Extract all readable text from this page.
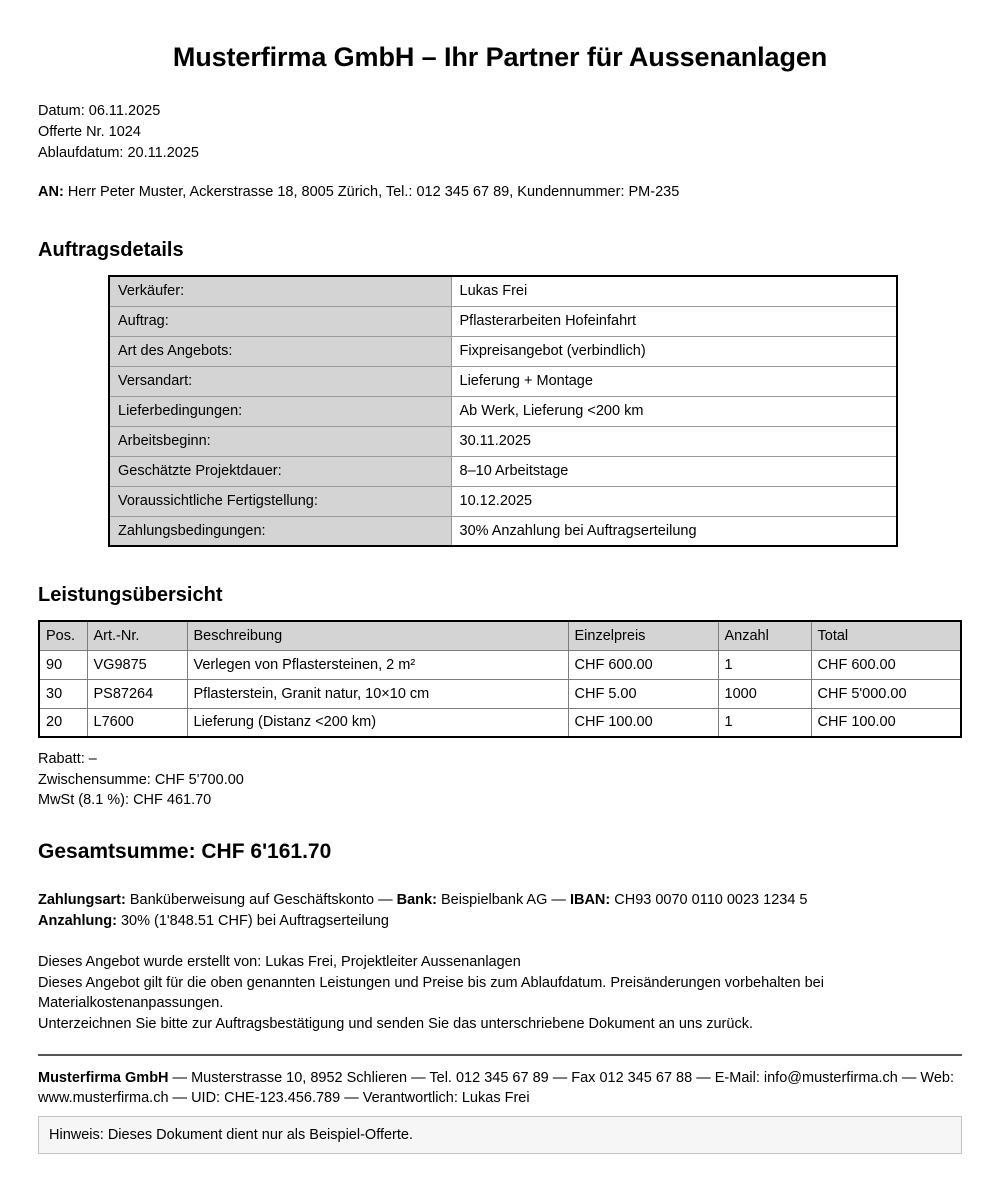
Musterfirma GmbH – Ihr Partner für Aussenanlagen
Datum: 06.11.2025
Offerte Nr. 1024
Ablaufdatum: 20.11.2025
AN: Herr Peter Muster, Ackerstrasse 18, 8005 Zürich, Tel.: 012 345 67 89, Kundennummer: PM-235
Auftragsdetails
Verkäufer:	Lukas Frei
Auftrag:	Pflasterarbeiten Hofeinfahrt
Art des Angebots:	Fixpreisangebot (verbindlich)
Versandart:	Lieferung + Montage
Lieferbedingungen:	Ab Werk, Lieferung <200 km
Arbeitsbeginn:	30.11.2025
Geschätzte Projektdauer:	8–10 Arbeitstage
Voraussichtliche Fertigstellung:	10.12.2025
Zahlungsbedingungen:	30% Anzahlung bei Auftragserteilung
Leistungsübersicht
Pos.	Art.-Nr.	Beschreibung	Einzelpreis	Anzahl	Total
90	VG9875	Verlegen von Pflastersteinen, 2 m²	CHF 600.00	1	CHF 600.00
30	PS87264	Pflasterstein, Granit natur, 10×10 cm	CHF 5.00	1000	CHF 5'000.00
20	L7600	Lieferung (Distanz <200 km)	CHF 100.00	1	CHF 100.00
Rabatt: –
Zwischensumme: CHF 5'700.00
MwSt (8.1 %): CHF 461.70
Gesamtsumme: CHF 6'161.70
Zahlungsart: Banküberweisung auf Geschäftskonto — Bank: Beispielbank AG — IBAN: CH93 0070 0110 0023 1234 5
Anzahlung: 30% (1'848.51 CHF) bei Auftragserteilung
Dieses Angebot wurde erstellt von: Lukas Frei, Projektleiter Aussenanlagen
Dieses Angebot gilt für die oben genannten Leistungen und Preise bis zum Ablaufdatum. Preisänderungen vorbehalten bei Materialkostenanpassungen.
Unterzeichnen Sie bitte zur Auftragsbestätigung und senden Sie das unterschriebene Dokument an uns zurück.
Musterfirma GmbH — Musterstrasse 10, 8952 Schlieren — Tel. 012 345 67 89 — Fax 012 345 67 88 — E-Mail: info@musterfirma.ch — Web: www.musterfirma.ch — UID: CHE-123.456.789 — Verantwortlich: Lukas Frei
Hinweis: Dieses Dokument dient nur als Beispiel-Offerte.
